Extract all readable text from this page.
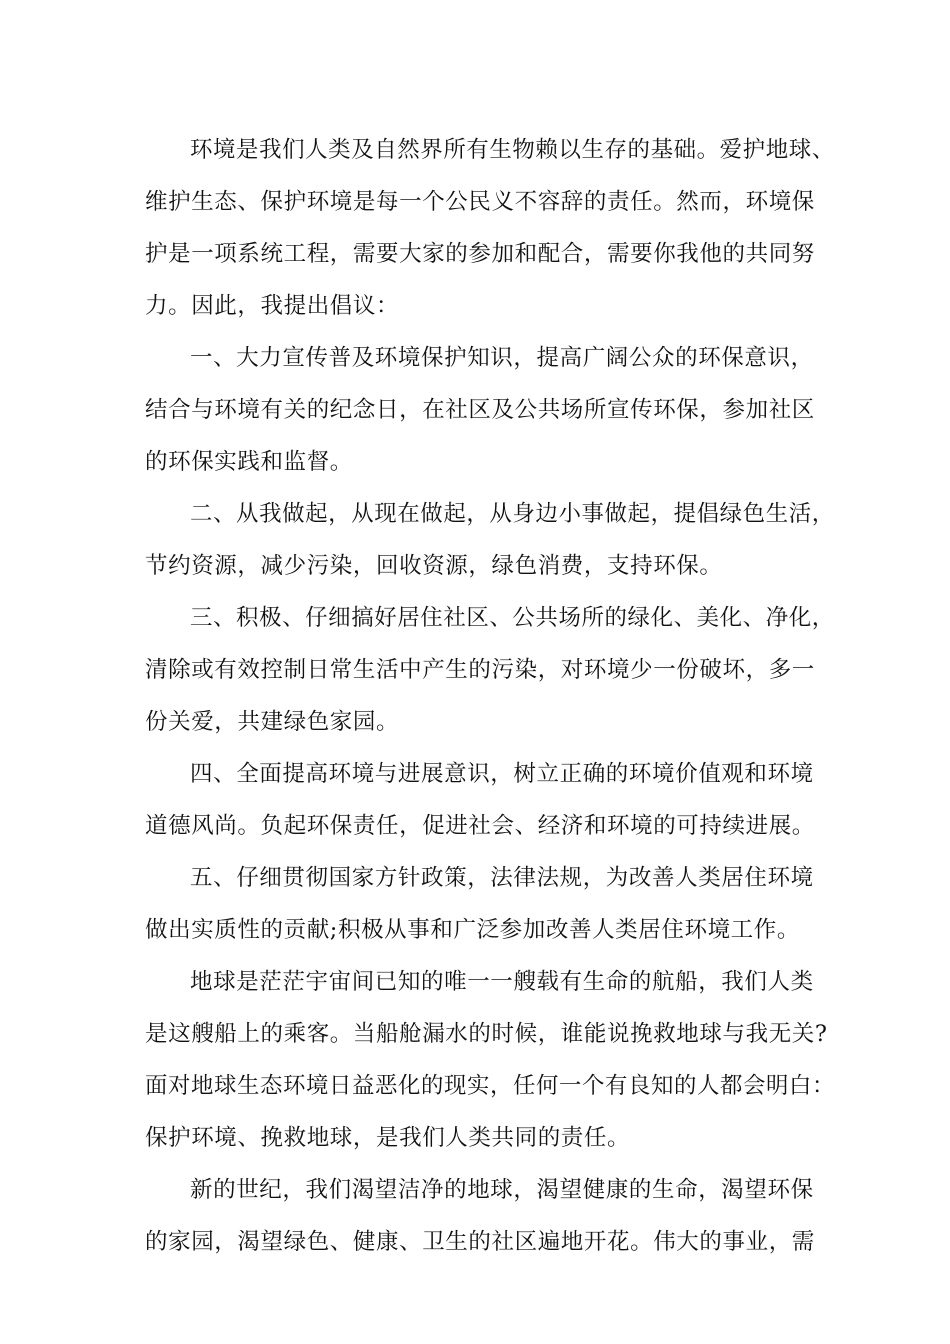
环境是我们人类及自然界所有生物赖以生存的基础。爱护地球、
维护生态、保护环境是每一个公民义不容辞的责任。然而，环境保
护是一项系统工程，需要大家的参加和配合，需要你我他的共同努
力。因此，我提出倡议：
一、大力宣传普及环境保护知识，提高广阔公众的环保意识，
结合与环境有关的纪念日，在社区及公共场所宣传环保，参加社区
的环保实践和监督。
二、从我做起，从现在做起，从身边小事做起，提倡绿色生活，
节约资源，减少污染，回收资源，绿色消费，支持环保。
三、积极、仔细搞好居住社区、公共场所的绿化、美化、净化，
清除或有效控制日常生活中产生的污染，对环境少一份破坏，多一
份关爱，共建绿色家园。
四、全面提高环境与进展意识，树立正确的环境价值观和环境
道德风尚。负起环保责任，促进社会、经济和环境的可持续进展。
五、仔细贯彻国家方针政策，法律法规，为改善人类居住环境
做出实质性的贡献;积极从事和广泛参加改善人类居住环境工作。
地球是茫茫宇宙间已知的唯一一艘载有生命的航船，我们人类
是这艘船上的乘客。当船舱漏水的时候，谁能说挽救地球与我无关?
面对地球生态环境日益恶化的现实，任何一个有良知的人都会明白：
保护环境、挽救地球，是我们人类共同的责任。
新的世纪，我们渴望洁净的地球，渴望健康的生命，渴望环保
的家园，渴望绿色、健康、卫生的社区遍地开花。伟大的事业，需
